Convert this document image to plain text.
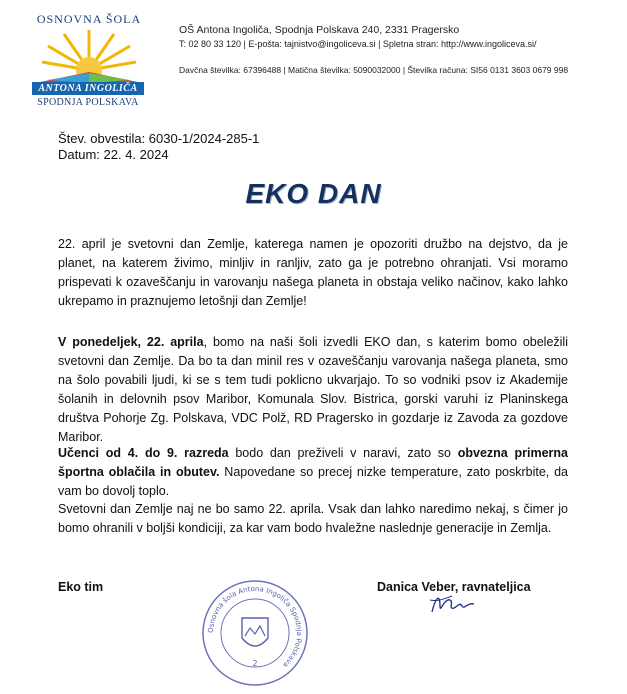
OSNOVNA ŠOLA
ANTONA INGOLIČA
SPODNJA POLSKAVA
OŠ Antona Ingoliča, Spodnja Polskava 240, 2331 Pragersko
T: 02 80 33 120 | E-pošta: tajnistvo@ingoliceva.si | Spletna stran: http://www.ingoliceva.si/
Davčna številka: 67396488 | Matična številka: 5090032000 | Številka računa: SI56 0131 3603 0679 998
Štev. obvestila: 6030-1/2024-285-1
Datum: 22. 4. 2024
EKO DAN
22. april je svetovni dan Zemlje, katerega namen je opozoriti družbo na dejstvo, da je planet, na katerem živimo, minljiv in ranljiv, zato ga je potrebno ohranjati. Vsi moramo prispevati k ozaveščanju in varovanju našega planeta in obstaja veliko načinov, kako lahko ukrepamo in praznujemo letošnji dan Zemlje!
V ponedeljek, 22. aprila, bomo na naši šoli izvedli EKO dan, s katerim bomo obeležili svetovni dan Zemlje. Da bo ta dan minil res v ozaveščanju varovanja našega planeta, smo na šolo povabili ljudi, ki se s tem tudi poklicno ukvarjajo. To so vodniki psov iz Akademije šolanih in delovnih psov Maribor, Komunala Slov. Bistrica, gorski varuhi iz Planinskega društva Pohorje Zg. Polskava, VDC Polž, RD Pragersko in gozdarje iz Zavoda za gozdove Maribor.
Učenci od 4. do 9. razreda bodo dan preživeli v naravi, zato so obvezna primerna športna oblačila in obutev. Napovedane so precej nizke temperature, zato poskrbite, da vam bo dovolj toplo.
Svetovni dan Zemlje naj ne bo samo 22. aprila. Vsak dan lahko naredimo nekaj, s čimer jo bomo ohranili v boljši kondiciji, za kar vam bodo hvaležne naslednje generacije in Zemlja.
Eko tim	Danica Veber, ravnateljica
Osnovna šola Antona Ingoliča Spodnja Polskava
2
